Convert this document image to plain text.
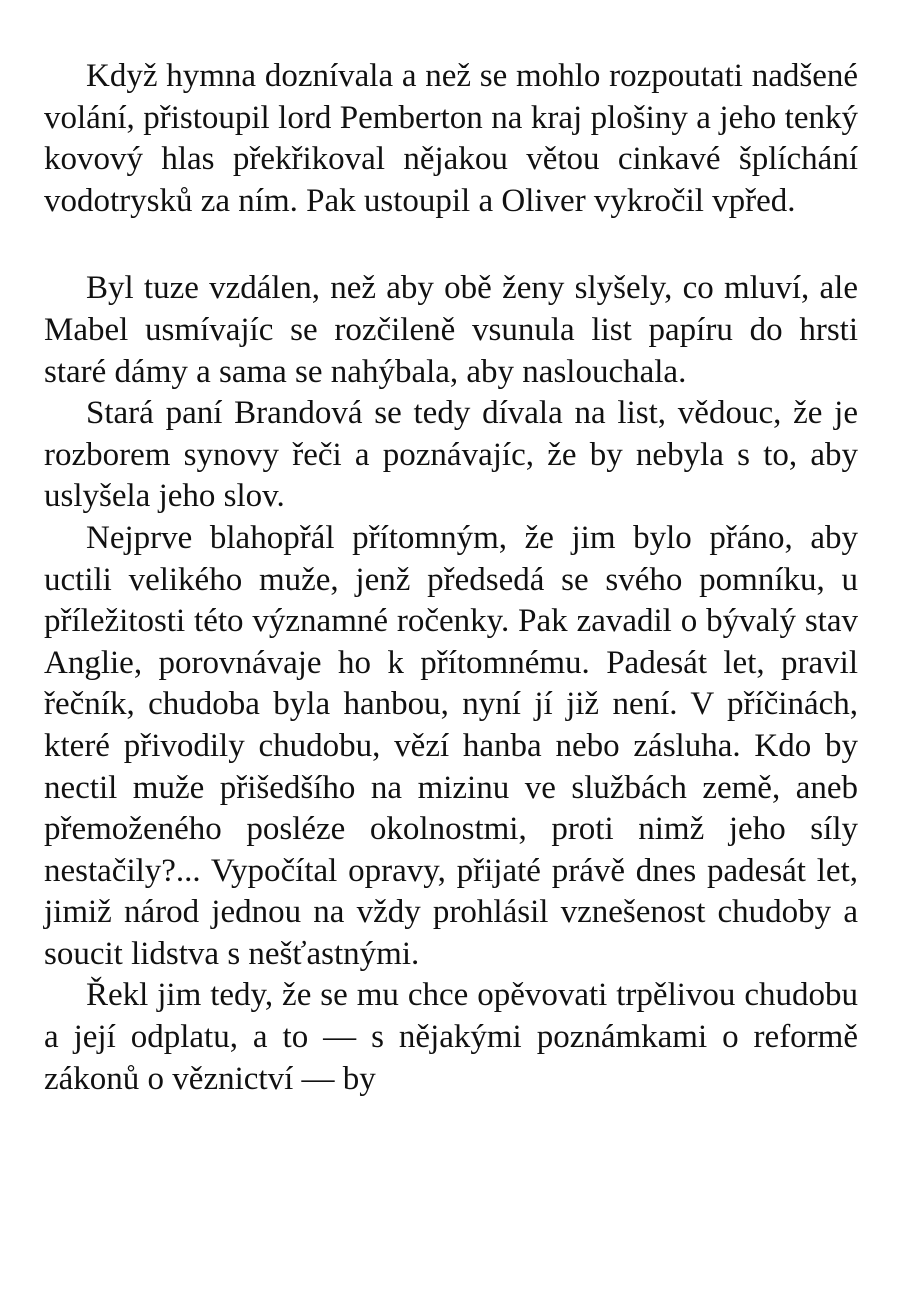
Když hymna doznívala a než se mohlo rozpoutati nadšené volání, přistoupil lord Pemberton na kraj plošiny a jeho tenký kovový hlas překřikoval nějakou větou cinkavé šplíchání vodotrysků za ním. Pak ustoupil a Oliver vykročil vpřed.

Byl tuze vzdálen, než aby obě ženy slyšely, co mluví, ale Mabel usmívajíc se rozčileně vsunula list papíru do hrsti staré dámy a sama se nahýbala, aby naslouchala.

Stará paní Brandová se tedy dívala na list, vědouc, že je rozborem synovy řeči a poznávajíc, že by nebyla s to, aby uslyšela jeho slov.

Nejprve blahopřál přítomným, že jim bylo přáno, aby uctili velikého muže, jenž předsedá se svého pomníku, u příležitosti této významné ročenky. Pak zavadil o bývalý stav Anglie, porovnávaje ho k přítomnému. Padesát let, pravil řečník, chudoba byla hanbou, nyní jí již není. V příčinách, které přivodily chudobu, vězí hanba nebo zásluha. Kdo by nectil muže přišedšího na mizinu ve službách země, aneb přemoženého posléze okolnostmi, proti nimž jeho síly nestačily?... Vypočítal opravy, přijaté právě dnes padesát let, jimiž národ jednou na vždy prohlásil vznešenost chudoby a soucit lidstva s nešťastnými.

Řekl jim tedy, že se mu chce opěvovati trpělivou chudobu a její odplatu, a to — s nějakými poznámkami o reformě zákonů o věznictví — by
